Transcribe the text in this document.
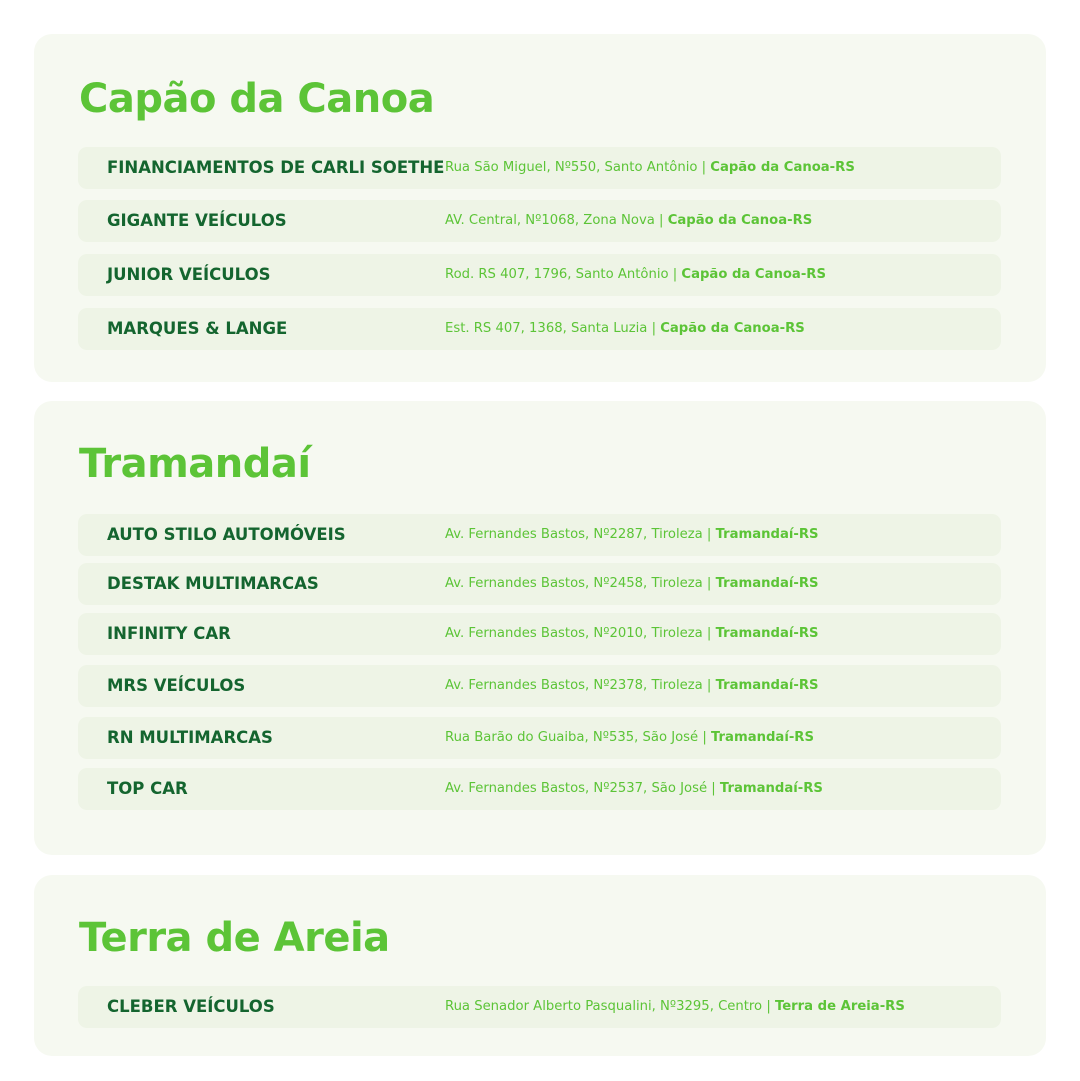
Capão da Canoa
FINANCIAMENTOS DE CARLI SOETHE Rua São Miguel, Nº550, Santo Antônio | Capão da Canoa-RS
GIGANTE VEÍCULOS	AV. Central, Nº1068, Zona Nova | Capão da Canoa-RS
JUNIOR VEÍCULOS	Rod. RS 407, 1796, Santo Antônio | Capão da Canoa-RS
MARQUES & LANGE	Est. RS 407, 1368, Santa Luzia | Capão da Canoa-RS
Tramandaí
AUTO STILO AUTOMÓVEIS	Av. Fernandes Bastos, Nº2287, Tiroleza | Tramandaí-RS
DESTAK MULTIMARCAS	Av. Fernandes Bastos, Nº2458, Tiroleza | Tramandaí-RS
INFINITY CAR	Av. Fernandes Bastos, Nº2010, Tiroleza | Tramandaí-RS
MRS VEÍCULOS	Av. Fernandes Bastos, Nº2378, Tiroleza | Tramandaí-RS
RN MULTIMARCAS	Rua Barão do Guaiba, Nº535, São José | Tramandaí-RS
TOP CAR	Av. Fernandes Bastos, Nº2537, São José | Tramandaí-RS
Terra de Areia
CLEBER VEÍCULOS	Rua Senador Alberto Pasqualini, Nº3295, Centro | Terra de Areia-RS
